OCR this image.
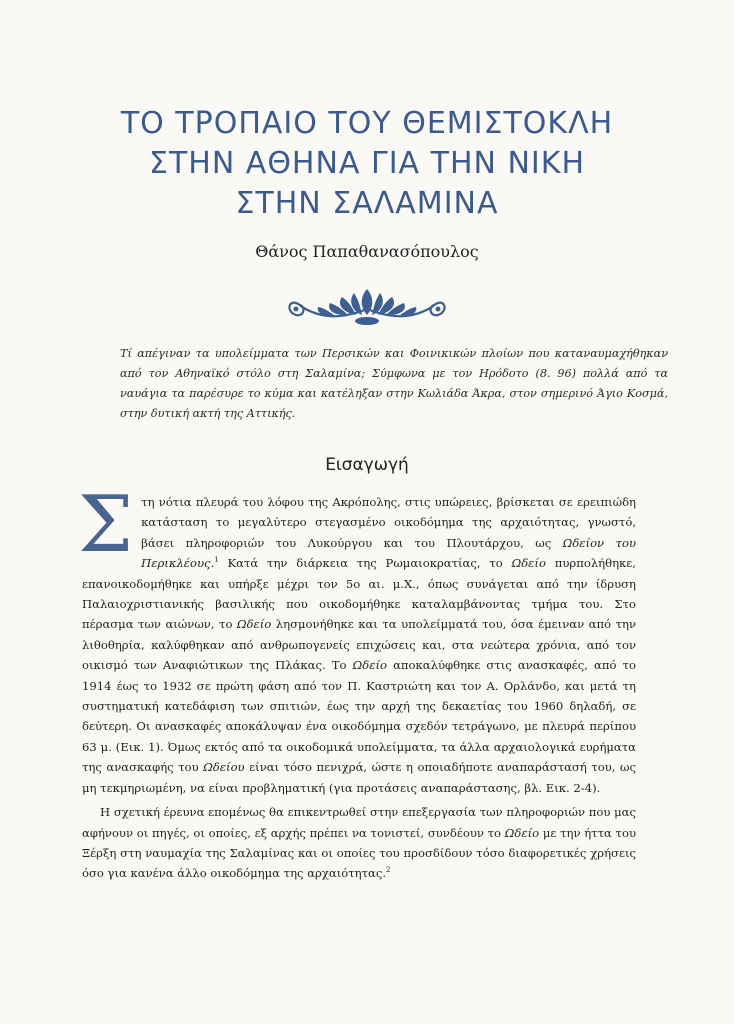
ΤΟ ΤΡΟΠΑΙΟ ΤΟΥ ΘΕΜΙΣΤΟΚΛΗ
ΣΤΗΝ ΑΘΗΝΑ ΓΙΑ ΤΗΝ ΝΙΚΗ
ΣΤΗΝ ΣΑΛΑΜΙΝΑ
Θάνος Παπαθανασόπουλος
Τί απέγιναν τα υπολείμματα των Περσικών και Φοινικικών πλοίων που καταναυμαχήθηκαν από τον Αθηναϊκό στόλο στη Σαλαμίνα; Σύμφωνα με τον Ηρόδοτο (8. 96) πολλά από τα ναυάγια τα παρέσυρε το κύμα και κατέληξαν στην Κωλιάδα Άκρα, στον σημερινό Άγιο Κοσμά, στην δυτική ακτή της Αττικής.
Εισαγωγή

Στη νότια πλευρά του λόφου της Ακρόπολης, στις υπώρειες, βρίσκεται σε ερειπιώδη κατάσταση το μεγαλύτερο στεγασμένο οικοδόμημα της αρχαιότητας, γνωστό, βάσει πληροφοριών του Λυκούργου και του Πλουτάρχου, ως Ωδείον του Περικλέους.$^1$ Κατά την διάρκεια της Ρωμαιοκρατίας, το Ωδείο πυρπολήθηκε, επανοικοδομήθηκε και υπήρξε μέχρι τον 5ο αι. μ.Χ., όπως συνάγεται από την ίδρυση Παλαιοχριστιανικής βασιλικής που οικοδομήθηκε καταλαμβάνοντας τμήμα του. Στο πέρασμα των αιώνων, το Ωδείο λησμονήθηκε και τα υπολείμματά του, όσα έμειναν από την λιθοθηρία, καλύφθηκαν από ανθρωπογενείς επιχώσεις και, στα νεώτερα χρόνια, από τον οικισμό των Αναφιώτικων της Πλάκας. Το Ωδείο αποκαλύφθηκε στις ανασκαφές, από το 1914 έως το 1932 σε πρώτη φάση από τον Π. Καστριώτη και τον Α. Ορλάνδο, και μετά τη συστηματική κατεδάφιση των σπιτιών, έως την αρχή της δεκαετίας του 1960 δηλαδή, σε δεύτερη. Οι ανασκαφές αποκάλυψαν ένα οικοδόμημα σχεδόν τετράγωνο, με πλευρά περίπου 63 μ. (Εικ. 1). Όμως εκτός από τα οικοδομικά υπολείμματα, τα άλλα αρχαιολογικά ευρήματα της ανασκαφής του Ωδείου είναι τόσο πενιχρά, ώστε η οποιαδήποτε αναπαράστασή του, ως μη τεκμηριωμένη, να είναι προβληματική (για προτάσεις αναπαράστασης, βλ. Εικ. 2-4).

Η σχετική έρευνα επομένως θα επικεντρωθεί στην επεξεργασία των πληροφοριών που μας αφήνουν οι πηγές, οι οποίες, εξ αρχής πρέπει να τονιστεί, συνδέουν το Ωδείο με την ήττα του Ξέρξη στη ναυμαχία της Σαλαμίνας και οι οποίες του προσδίδουν τόσο διαφορετικές χρήσεις όσο για κανένα άλλο οικοδόμημα της αρχαιότητας.$^2$
